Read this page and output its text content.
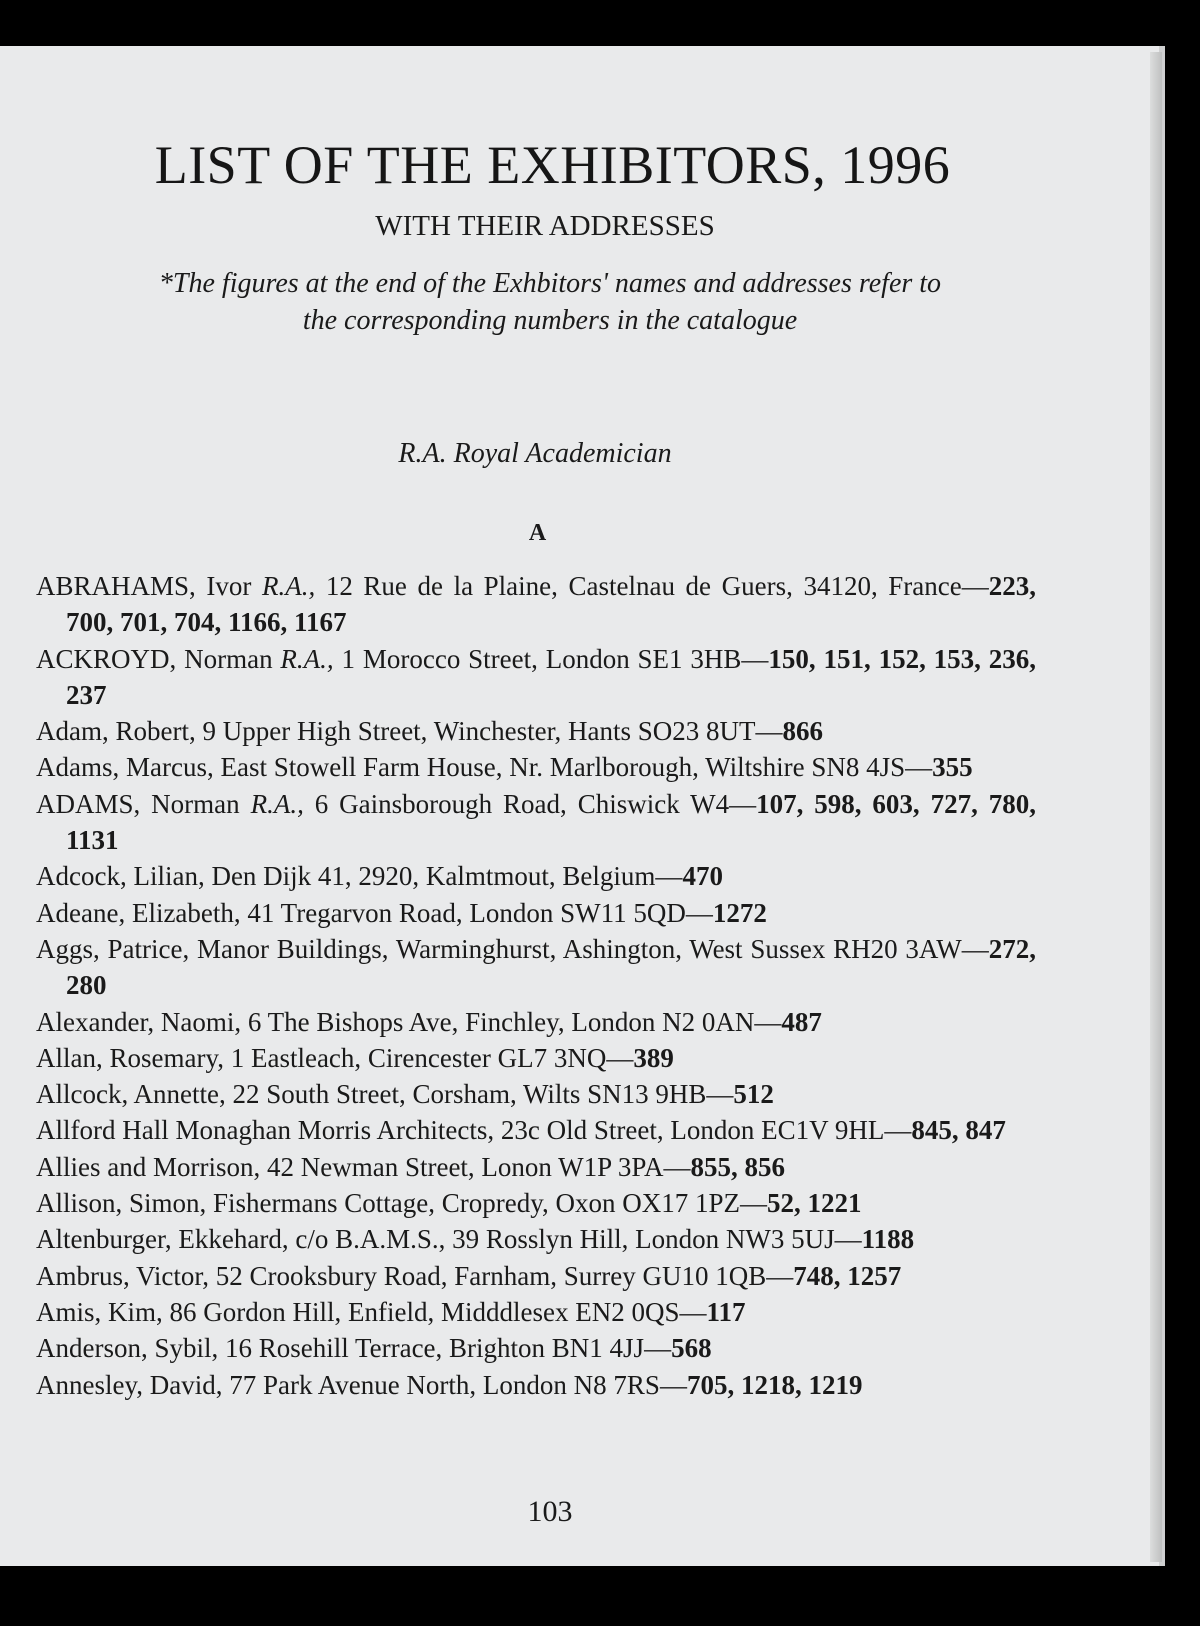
LIST OF THE EXHIBITORS, 1996
WITH THEIR ADDRESSES
*The figures at the end of the Exhbitors' names and addresses refer to
the corresponding numbers in the catalogue
R.A. Royal Academician
A
ABRAHAMS, Ivor R.A., 12 Rue de la Plaine, Castelnau de Guers, 34120, France—223, 700, 701, 704, 1166, 1167
ACKROYD, Norman R.A., 1 Morocco Street, London SE1 3HB—150, 151, 152, 153, 236, 237
Adam, Robert, 9 Upper High Street, Winchester, Hants SO23 8UT—866
Adams, Marcus, East Stowell Farm House, Nr. Marlborough, Wiltshire SN8 4JS—355
ADAMS, Norman R.A., 6 Gainsborough Road, Chiswick W4—107, 598, 603, 727, 780, 1131
Adcock, Lilian, Den Dijk 41, 2920, Kalmtmout, Belgium—470
Adeane, Elizabeth, 41 Tregarvon Road, London SW11 5QD—1272
Aggs, Patrice, Manor Buildings, Warminghurst, Ashington, West Sussex RH20 3AW—272, 280
Alexander, Naomi, 6 The Bishops Ave, Finchley, London N2 0AN—487
Allan, Rosemary, 1 Eastleach, Cirencester GL7 3NQ—389
Allcock, Annette, 22 South Street, Corsham, Wilts SN13 9HB—512
Allford Hall Monaghan Morris Architects, 23c Old Street, London EC1V 9HL—845, 847
Allies and Morrison, 42 Newman Street, Lonon W1P 3PA—855, 856
Allison, Simon, Fishermans Cottage, Cropredy, Oxon OX17 1PZ—52, 1221
Altenburger, Ekkehard, c/o B.A.M.S., 39 Rosslyn Hill, London NW3 5UJ—1188
Ambrus, Victor, 52 Crooksbury Road, Farnham, Surrey GU10 1QB—748, 1257
Amis, Kim, 86 Gordon Hill, Enfield, Midddlesex EN2 0QS—117
Anderson, Sybil, 16 Rosehill Terrace, Brighton BN1 4JJ—568
Annesley, David, 77 Park Avenue North, London N8 7RS—705, 1218, 1219
103
